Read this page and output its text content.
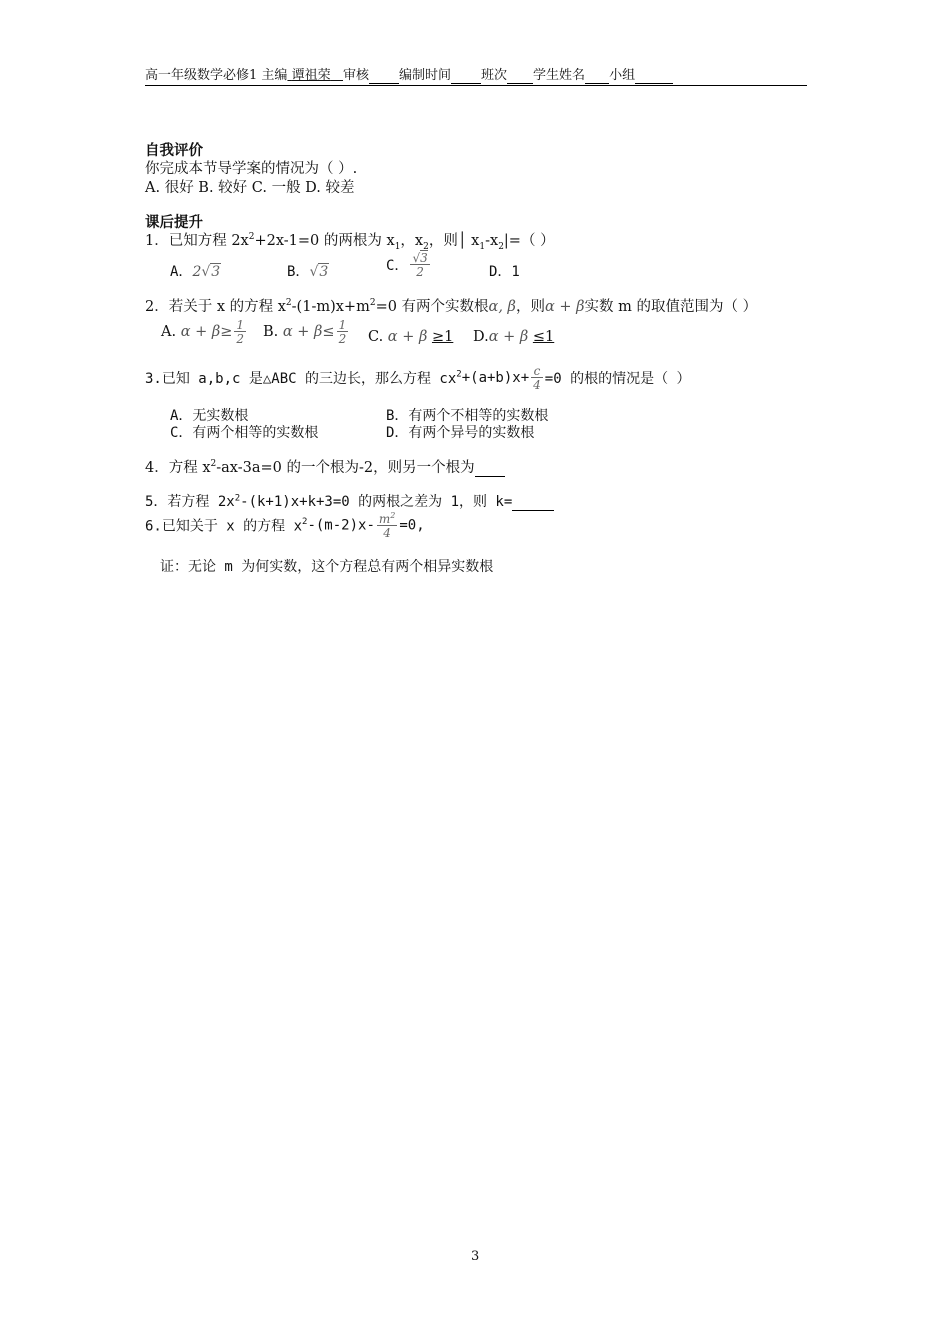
高一年级数学必修1 主编 谭祖荣 审核 编制时间 班次 学生姓名 小组
自我评价
你完成本节导学案的情况为（ ）.
A. 很好 B. 较好 C. 一般 D. 较差
课后提升
1．已知方程 $2x^2+2x-1=0$ 的两根为 $x_1$，$x_2$，则│ $x_1-x_2|=$（ ）
A．2√3	B．√3	C． $\frac{√3}{2}$	D．1
2．若关于 x 的方程 $x^2-(1-m)x+m^2=0$ 有两个实数根α, β，则α + β实数 m 的取值范围为（ ）
A. $\alpha + \beta\ge \frac{1}{2} B$. $\alpha + \beta\le \frac{1}{2} C$. α + β ≥1 D.α + β ≤1
3.已知 a,b,c 是△ABC 的三边长，那么方程 $cx^2+(a+b)x+ \frac{c}{4} =0$ 的根的情况是（ ）
A．无实数根	B．有两个不相等的实数根
C．有两个相等的实数根	D．有两个异号的实数根
4．方程 $x^2-ax-3a=0$ 的一个根为-2，则另一个根为
5．若方程 $2x^2-(k+1)x+k+3=0$ 的两根之差为 1，则 k=
6.已知关于 x 的方程 $x^2-(m-2)x- \frac{m^2}{4} =0$,
证：无论 m 为何实数，这个方程总有两个相异实数根
3
